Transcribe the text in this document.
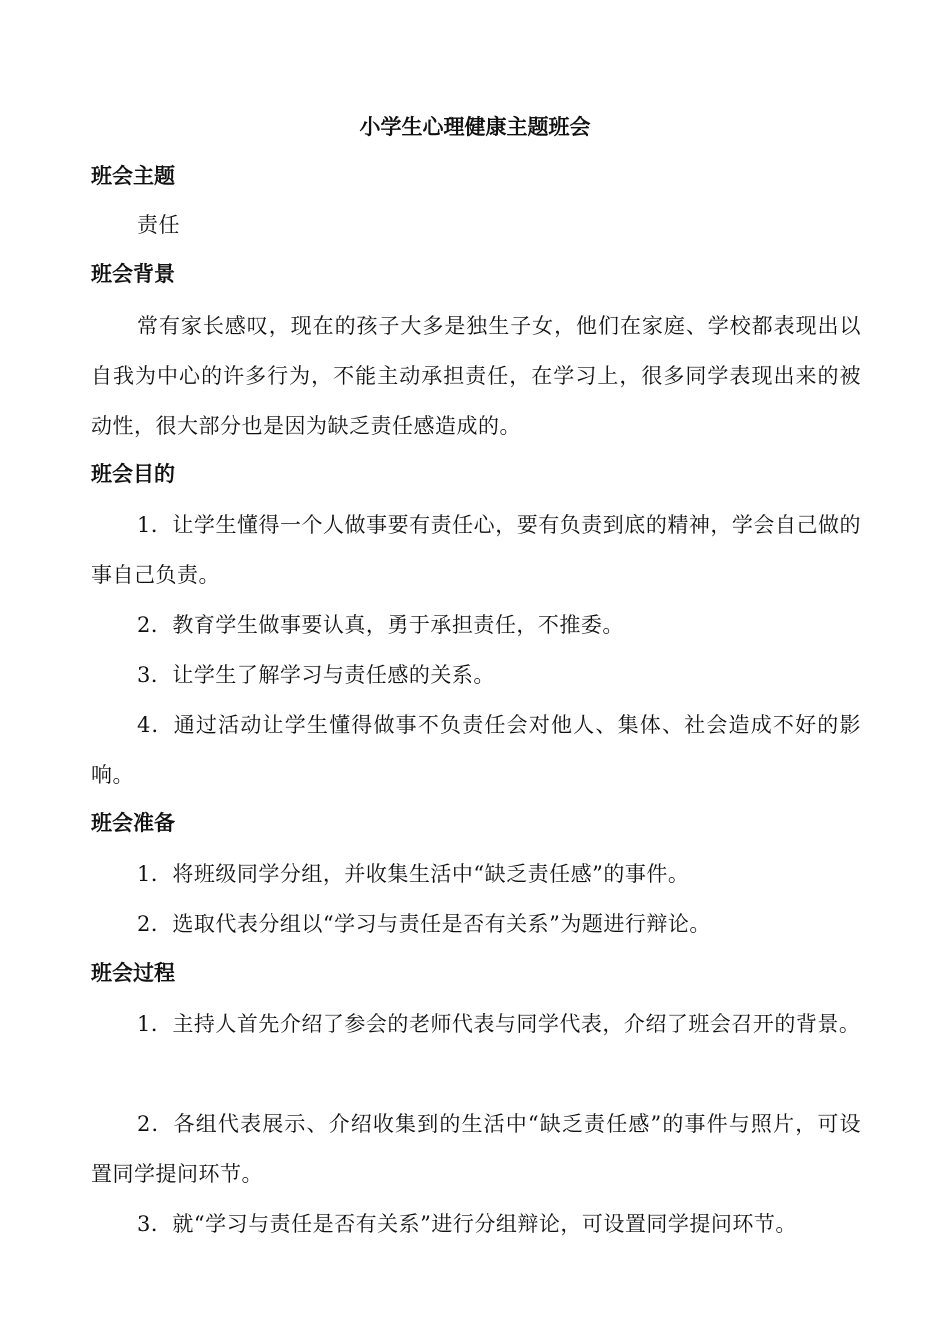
小学生心理健康主题班会
班会主题

责任

班会背景

常有家长感叹，现在的孩子大多是独生子女，他们在家庭、学校都表现出以自我为中心的许多行为，不能主动承担责任，在学习上，很多同学表现出来的被动性，很大部分也是因为缺乏责任感造成的。

班会目的

1．让学生懂得一个人做事要有责任心，要有负责到底的精神，学会自己做的事自己负责。

2．教育学生做事要认真，勇于承担责任，不推委。

3．让学生了解学习与责任感的关系。

4．通过活动让学生懂得做事不负责任会对他人、集体、社会造成不好的影响。

班会准备

1．将班级同学分组，并收集生活中“缺乏责任感”的事件。

2．选取代表分组以“学习与责任是否有关系”为题进行辩论。

班会过程

1．主持人首先介绍了参会的老师代表与同学代表，介绍了班会召开的背景。

2．各组代表展示、介绍收集到的生活中“缺乏责任感”的事件与照片，可设置同学提问环节。

3．就“学习与责任是否有关系”进行分组辩论，可设置同学提问环节。
